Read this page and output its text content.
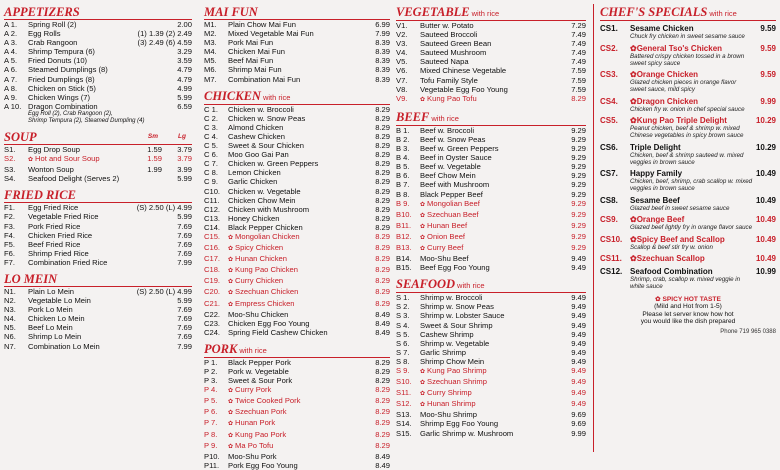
APPETIZERS
A 1.	Spring Roll (2)	2.00
A 2.	Egg Rolls	(1) 1.39 (2) 2.49
A 3.	Crab Rangoon	(3) 2.49 (6) 4.59
A 4.	Shrimp Tempura (6)	3.29
A 5.	Fried Donuts (10)	3.59
A 6.	Steamed Dumplings (8)	4.79
A 7.	Fried Dumplings (8)	4.79
A 8.	Chicken on Stick (5)	4.99
A 9.	Chicken Wings (7)	5.99
A 10. Dragon Combination	6.59
Egg Roll (2), Crab Rangoon (2),
Shrimp Tempura (2), Steamed Dumpling (4)
SOUP	Sm	Lg
S1.	Egg Drop Soup	1.59	3.79
S2.	✿ Hot and Sour Soup	1.59	3.79
S3.	Wonton Soup	1.99	3.99
S4.	Seafood Delight (Serves 2)	5.99
FRIED RICE
F1.	Egg Fried Rice	(S) 2.50 (L) 4.99
F2.	Vegetable Fried Rice	5.99
F3.	Pork Fried Rice	7.69
F4.	Chicken Fried Rice	7.69
F5.	Beef Fried Rice	7.69
F6.	Shrimp Fried Rice	7.69
F7.	Combination Fried Rice	7.99
LO MEIN
N1.	Plain Lo Mein	(S) 2.50 (L) 4.99
N2.	Vegetable Lo Mein	5.99
N3.	Pork Lo Mein	7.69
N4.	Chicken Lo Mein	7.69
N5.	Beef Lo Mein	7.69
N6.	Shrimp Lo Mein	7.69
N7.	Combination Lo Mein	7.99
MAI FUN
M1.	Plain Chow Mai Fun	6.99
M2.	Mixed Vegetable Mai Fun	7.99
M3.	Pork Mai Fun	8.39
M4.	Chicken Mai Fun	8.39
M5.	Beef Mai Fun	8.39
M6.	Shrimp Mai Fun	8.39
M7.	Combination Mai Fun	8.39
CHICKEN with rice
C 1.	Chicken w. Broccoli	8.29
C 2.	Chicken w. Snow Peas	8.29
C 3.	Almond Chicken	8.29
C 4.	Cashew Chicken	8.29
C 5.	Sweet & Sour Chicken	8.29
C 6.	Moo Goo Gai Pan	8.29
C 7.	Chicken w. Green Peppers	8.29
C 8.	Lemon Chicken	8.29
C 9.	Garlic Chicken	8.29
C10.	Chicken w. Vegetable	8.29
C11.	Chicken Chow Mein	8.29
C12.	Chicken with Mushroom	8.29
C13.	Honey Chicken	8.29
C14.	Black Pepper Chicken	8.29
C15.	✿ Mongolian Chicken	8.29
C16.	✿ Spicy Chicken	8.29
C17.	✿ Hunan Chicken	8.29
C18.	✿ Kung Pao Chicken	8.29
C19.	✿ Curry Chicken	8.29
C20.	✿ Szechuan Chicken	8.29
C21.	✿ Empress Chicken	8.29
C22.	Moo-Shu Chicken	8.49
C23.	Chicken Egg Foo Young	8.49
C24.	Spring Field Cashew Chicken	8.49
PORK with rice
P 1.	Black Pepper Pork	8.29
P 2.	Pork w. Vegetable	8.29
P 3.	Sweet & Sour Pork	8.29
P 4.	✿ Curry Pork	8.29
P 5.	✿ Twice Cooked Pork	8.29
P 6.	✿ Szechuan Pork	8.29
P 7.	✿ Hunan Pork	8.29
P 8.	✿ Kung Pao Pork	8.29
P 9.	✿ Ma Po Tofu	8.29
P10.	Moo-Shu Pork	8.49
P11.	Pork Egg Foo Young	8.49
VEGETABLE with rice
V1.	Butter w. Potato	7.29
V2.	Sauteed Broccoli	7.49
V3.	Sauteed Green Bean	7.49
V4.	Sauteed Mushroom	7.49
V5.	Sauteed Napa	7.49
V6.	Mixed Chinese Vegetable	7.59
V7.	Tofu Family Style	7.59
V8.	Vegetable Egg Foo Young	7.59
V9.	✿ Kung Pao Tofu	8.29
BEEF with rice
B 1.	Beef w. Broccoli	9.29
B 2.	Beef w. Snow Peas	9.29
B 3.	Beef w. Green Peppers	9.29
B 4.	Beef in Oyster Sauce	9.29
B 5.	Beef w. Vegetable	9.29
B 6.	Beef Chow Mein	9.29
B 7.	Beef with Mushroom	9.29
B 8.	Black Pepper Beef	9.29
B 9.	✿ Mongolian Beef	9.29
B10.	✿ Szechuan Beef	9.29
B11.	✿ Hunan Beef	9.29
B12.	✿ Onion Beef	9.29
B13.	✿ Curry Beef	9.29
B14.	Moo-Shu Beef	9.49
B15.	Beef Egg Foo Young	9.49
SEAFOOD with rice
S 1.	Shrimp w. Broccoli	9.49
S 2.	Shrimp w. Snow Peas	9.49
S 3.	Shrimp w. Lobster Sauce	9.49
S 4.	Sweet & Sour Shrimp	9.49
S 5.	Cashew Shrimp	9.49
S 6.	Shrimp w. Vegetable	9.49
S 7.	Garlic Shrimp	9.49
S 8.	Shrimp Chow Mein	9.49
S 9.	✿ Kung Pao Shrimp	9.49
S10.	✿ Szechuan Shrimp	9.49
S11.	✿ Curry Shrimp	9.49
S12.	✿ Hunan Shrimp	9.49
S13.	Moo-Shu Shrimp	9.69
S14.	Shrimp Egg Foo Young	9.69
S15.	Garlic Shrimp w. Mushroom	9.99
CHEF'S SPECIALS with rice
CS1.	Sesame Chicken	9.59
Chuck fry chicken in sweet sesame sauce
CS2.	✿General Tso's Chicken	9.59
Battered crispy chicken tossed in a brown sweet spicy sauce
CS3.	✿Orange Chicken	9.59
Glazed chicken pieces in orange flavor sweet sauce, mild spicy
CS4.	✿Dragon Chicken	9.99
Chicken fry w. onion in chef special sauce
CS5.	✿Kung Pao Triple Delight	10.29
Peanut chicken, beef & shrimp w. mixed Chinese vegetables in spicy brown sauce
CS6.	Triple Delight	10.29
Chicken, beef & shrimp sauteed w. mixed veggies in brown sauce
CS7.	Happy Family	10.49
Chicken, beef, shrimp, crab scallop w. mixed veggies in brown sauce
CS8.	Sesame Beef	10.49
Glazed beef in sweet sesame sauce
CS9.	✿Orange Beef	10.49
Glazed beef lightly fry in orange flavor sauce
CS10. ✿Spicy Beef and Scallop	10.49
Scallop & beef stir fry w. onion
CS11.	✿Szechuan Scallop	10.49
CS12. Seafood Combination	10.99
Shrimp, crab, scallop w. mixed veggie in white sauce
✿ SPICY HOT TASTE
(Mild and Hot from 1-5)
Please let server know how hot
you would like the dish prepared
Phone 719 965 0388
